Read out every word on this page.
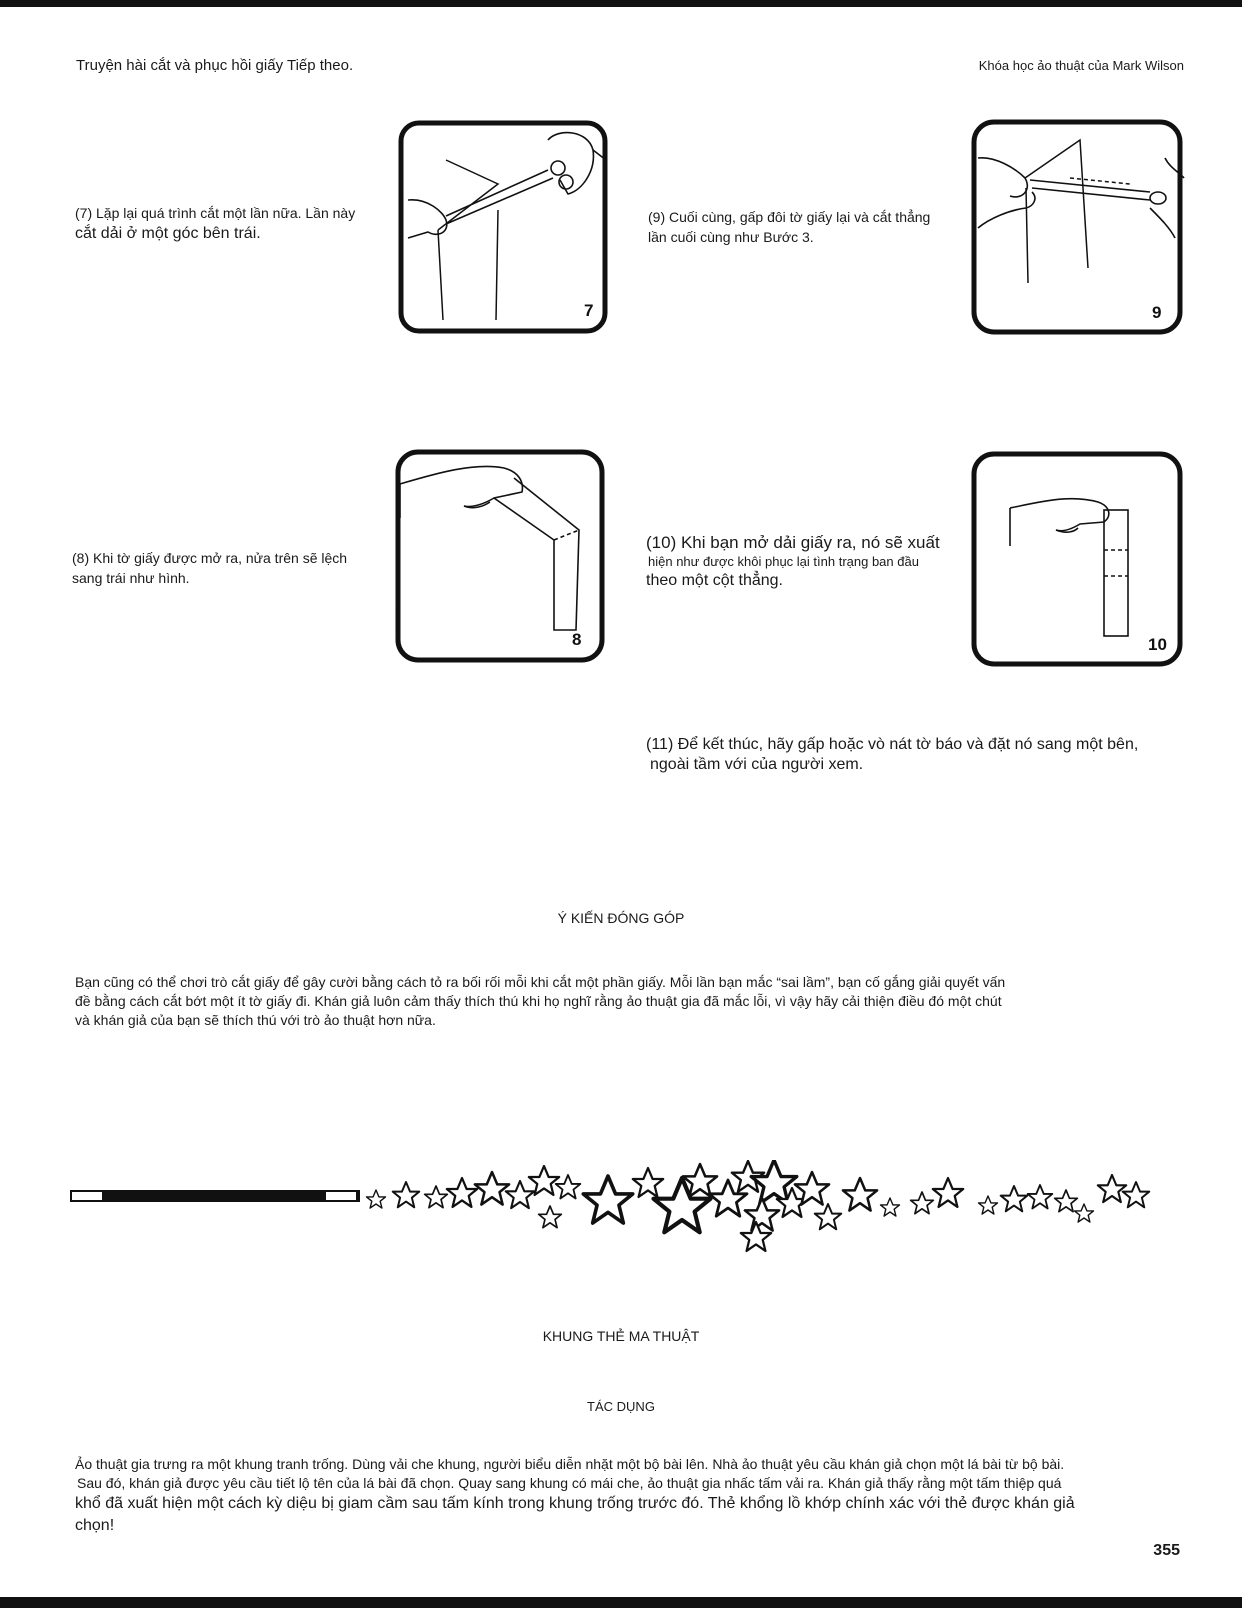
Truyện hài cắt và phục hồi giấy Tiếp theo.	Khóa học ảo thuật của Mark Wilson

(7) Lặp lại quá trình cắt một lần nữa. Lần này
cắt dải ở một góc bên trái.

7

(9) Cuối cùng, gấp đôi tờ giấy lại và cắt thẳng
lần cuối cùng như Bước 3.

9

(8) Khi tờ giấy được mở ra, nửa trên sẽ lệch
sang trái như hình.

8
(10) Khi bạn mở dải giấy ra, nó sẽ xuất
hiện như được khôi phục lại tình trạng ban đầu
theo một cột thẳng.
10
(11) Để kết thúc, hãy gấp hoặc vò nát tờ báo và đặt nó sang một bên,
ngoài tầm với của người xem.
Ý KIẾN ĐÓNG GÓP
Bạn cũng có thể chơi trò cắt giấy để gây cười bằng cách tỏ ra bối rối mỗi khi cắt một phần giấy. Mỗi lần bạn mắc “sai lầm”, bạn cố gắng giải quyết vấn
đề bằng cách cắt bớt một ít tờ giấy đi. Khán giả luôn cảm thấy thích thú khi họ nghĩ rằng ảo thuật gia đã mắc lỗi, vì vậy hãy cải thiện điều đó một chút
và khán giả của bạn sẽ thích thú với trò ảo thuật hơn nữa.
KHUNG THẺ MA THUẬT
TÁC DỤNG
Ảo thuật gia trưng ra một khung tranh trống. Dùng vải che khung, người biểu diễn nhặt một bộ bài lên. Nhà ảo thuật yêu cầu khán giả chọn một lá bài từ bộ bài.
Sau đó, khán giả được yêu cầu tiết lộ tên của lá bài đã chọn. Quay sang khung có mái che, ảo thuật gia nhấc tấm vải ra. Khán giả thấy rằng một tấm thiệp quá
khổ đã xuất hiện một cách kỳ diệu bị giam cầm sau tấm kính trong khung trống trước đó. Thẻ khổng lồ khớp chính xác với thẻ được khán giả
chọn!
355
